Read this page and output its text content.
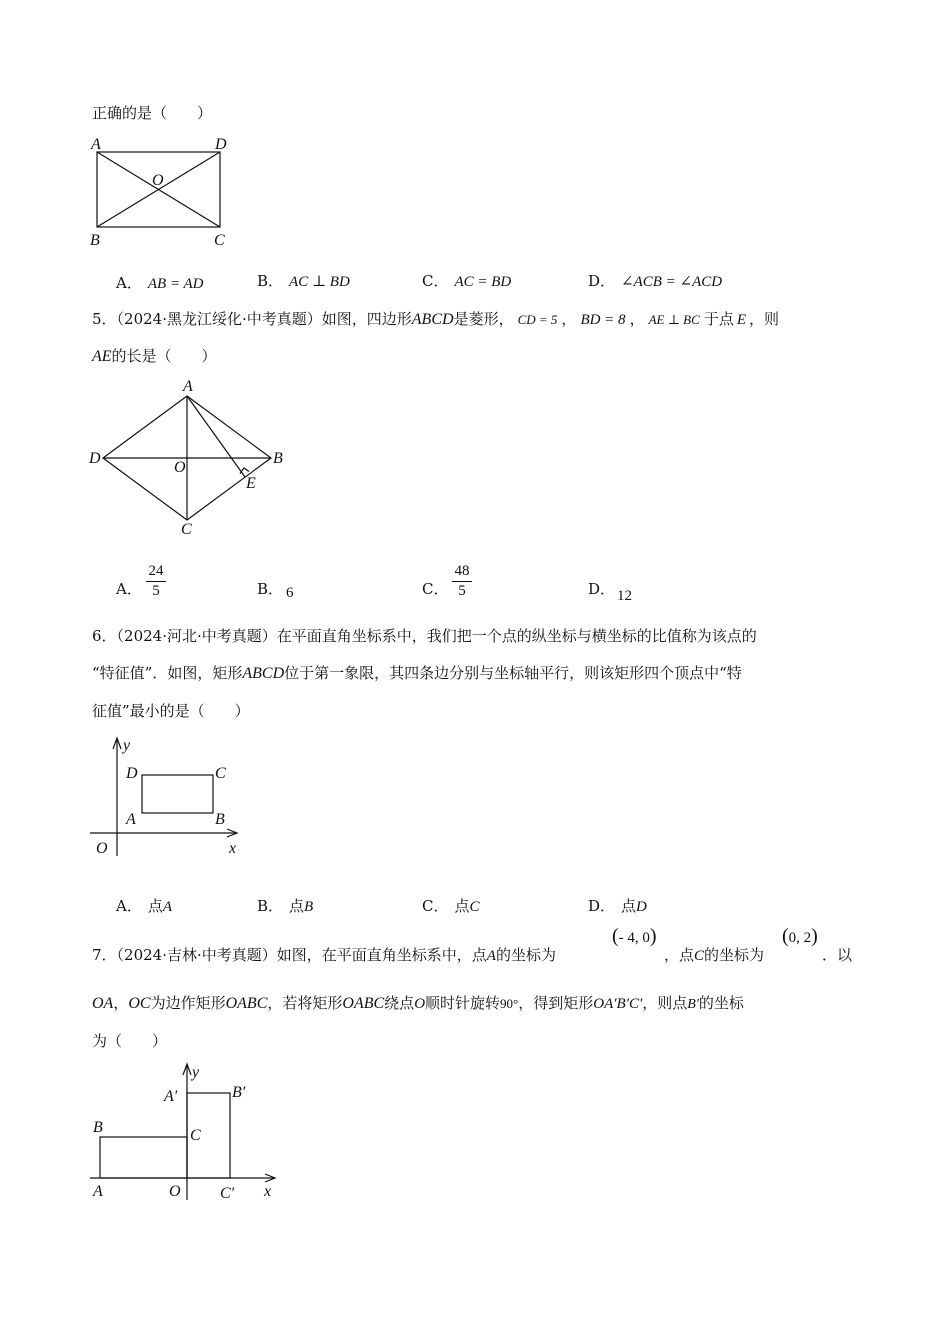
正确的是（　　）
A	D
O
B	C
A． AB = AD	B． AC ⊥ BD	C． AC = BD	D． ∠ACB = ∠ACD
5．（2024·黑龙江绥化·中考真题）如图，四边形ABCD是菱形， CD = 5 ， BD = 8 ， AE ⊥ BC 于点 E ，则
AE的长是（　　）
A
D
O
B
E
C
A．
24
5	B． 6	C．
48
5	D． 12
6．（2024·河北·中考真题）在平面直角坐标系中，我们把一个点的纵坐标与横坐标的比值称为该点的
“特征值”．如图，矩形ABCD位于第一象限，其四条边分别与坐标轴平行，则该矩形四个顶点中“特
征值”最小的是（　　）
y
D	C
A	B
O	x
A． 点A	B． 点B	C． 点C	D． 点D
7．（2024·吉林·中考真题）如图，在平面直角坐标系中，点A的坐标为
(- 4, 0)
，点C的坐标为
(0, 2)
．以
OA，OC为边作矩形OABC，若将矩形OABC绕点O顺时针旋转90°，得到矩形OA′B′C′，则点B′的坐标
为（　　）
y
A′	B′
B	C
A	O C′ x
